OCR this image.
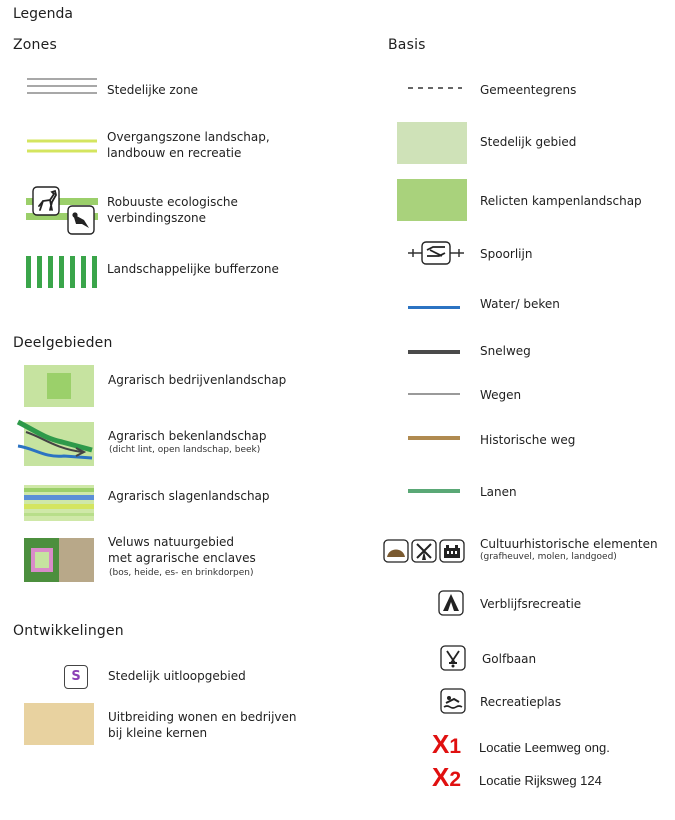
Legenda
Zones
Stedelijke zone
Overgangszone landschap,
landbouw en recreatie
Robuuste ecologische
verbindingszone
Landschappelijke bufferzone
Deelgebieden
Agrarisch bedrijvenlandschap
Agrarisch bekenlandschap
(dicht lint, open landschap, beek)
Agrarisch slagenlandschap
Veluws natuurgebied
met agrarische enclaves
(bos, heide, es- en brinkdorpen)
Ontwikkelingen
S	Stedelijk uitloopgebied
Uitbreiding wonen en bedrijven
bij kleine kernen
Basis
Gemeentegrens
Stedelijk gebied
Relicten kampenlandschap
Spoorlijn
Water/ beken
Snelweg
Wegen
Historische weg
Lanen
Cultuurhistorische elementen
(grafheuvel, molen, landgoed)
Verblijfsrecreatie
Golfbaan
Recreatieplas
X1 Locatie Leemweg ong.
X2 Locatie Rijksweg 124
